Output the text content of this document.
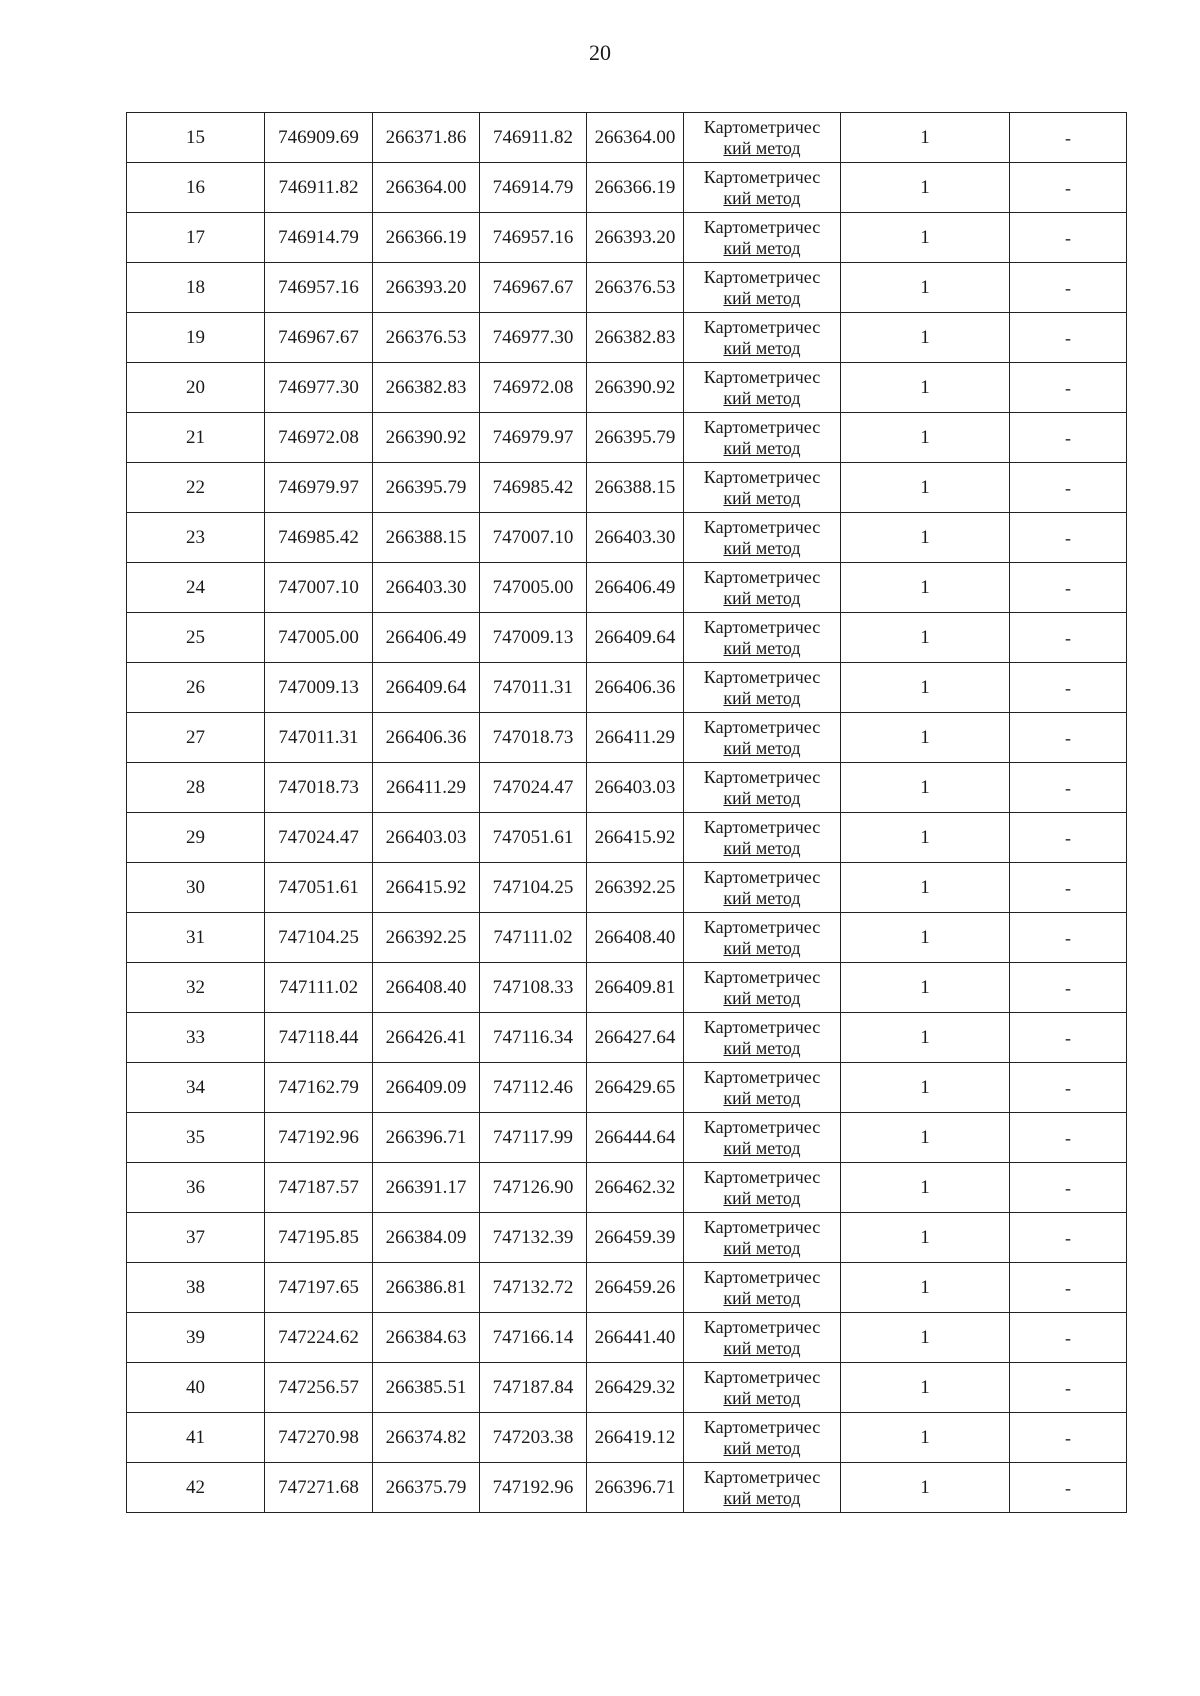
20
15	746909.69	266371.86	746911.82	266364.00	Картометричес
кий метод	1	-
16	746911.82	266364.00	746914.79	266366.19	Картометричес
кий метод	1	-
17	746914.79	266366.19	746957.16	266393.20	Картометричес
кий метод	1	-
18	746957.16	266393.20	746967.67	266376.53	Картометричес
кий метод	1	-
19	746967.67	266376.53	746977.30	266382.83	Картометричес
кий метод	1	-
20	746977.30	266382.83	746972.08	266390.92	Картометричес
кий метод	1	-
21	746972.08	266390.92	746979.97	266395.79	Картометричес
кий метод	1	-
22	746979.97	266395.79	746985.42	266388.15	Картометричес
кий метод	1	-
23	746985.42	266388.15	747007.10	266403.30	Картометричес
кий метод	1	-
24	747007.10	266403.30	747005.00	266406.49	Картометричес
кий метод	1	-
25	747005.00	266406.49	747009.13	266409.64	Картометричес
кий метод	1	-
26	747009.13	266409.64	747011.31	266406.36	Картометричес
кий метод	1	-
27	747011.31	266406.36	747018.73	266411.29	Картометричес
кий метод	1	-
28	747018.73	266411.29	747024.47	266403.03	Картометричес
кий метод	1	-
29	747024.47	266403.03	747051.61	266415.92	Картометричес
кий метод	1	-
30	747051.61	266415.92	747104.25	266392.25	Картометричес
кий метод	1	-
31	747104.25	266392.25	747111.02	266408.40	Картометричес
кий метод	1	-
32	747111.02	266408.40	747108.33	266409.81	Картометричес
кий метод	1	-
33	747118.44	266426.41	747116.34	266427.64	Картометричес
кий метод	1	-
34	747162.79	266409.09	747112.46	266429.65	Картометричес
кий метод	1	-
35	747192.96	266396.71	747117.99	266444.64	Картометричес
кий метод	1	-
36	747187.57	266391.17	747126.90	266462.32	Картометричес
кий метод	1	-
37	747195.85	266384.09	747132.39	266459.39	Картометричес
кий метод	1	-
38	747197.65	266386.81	747132.72	266459.26	Картометричес
кий метод	1	-
39	747224.62	266384.63	747166.14	266441.40	Картометричес
кий метод	1	-
40	747256.57	266385.51	747187.84	266429.32	Картометричес
кий метод	1	-
41	747270.98	266374.82	747203.38	266419.12	Картометричес
кий метод	1	-
42	747271.68	266375.79	747192.96	266396.71	Картометричес
кий метод	1	-
